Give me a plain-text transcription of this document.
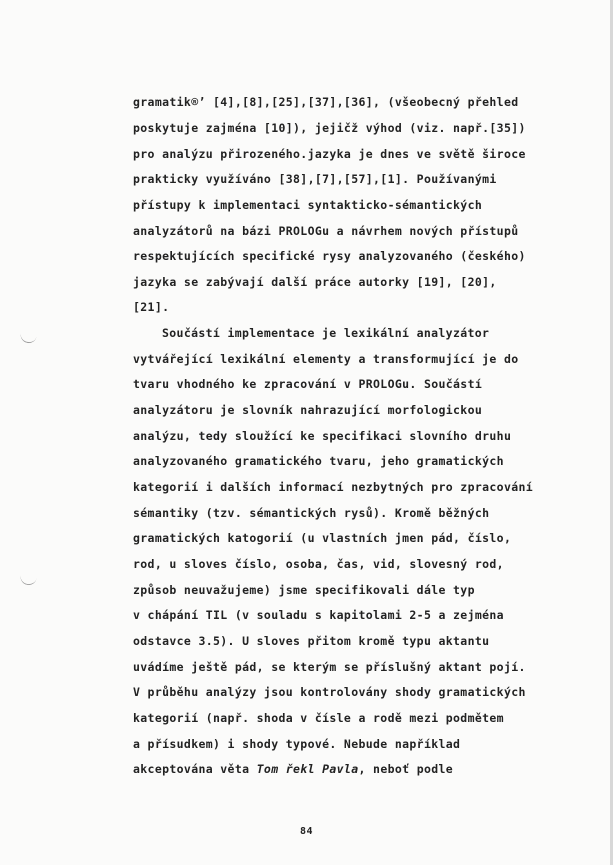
gramatik®’ [4],[8],[25],[37],[36], (všeobecný přehled
poskytuje zajména [10]), jejičž výhod (viz. např.[35])
pro analýzu přirozeného.jazyka je dnes ve světě široce
prakticky využíváno [38],[7],[57],[1]. Používanými
přístupy k implementaci syntakticko-sémantických
analyzátorů na bázi PROLOGu a návrhem nových přístupů
respektujících specifické rysy analyzovaného (českého)
jazyka se zabývají další práce autorky [19], [20],
[21].
Součástí implementace je lexikální analyzátor
vytvářející lexikální elementy a transformující je do
tvaru vhodného ke zpracování v PROLOGu. Součástí
analyzátoru je slovník nahrazující morfologickou
analýzu, tedy sloužící ke specifikaci slovního druhu
analyzovaného gramatického tvaru, jeho gramatických
kategorií i dalších informací nezbytných pro zpracování
sémantiky (tzv. sémantických rysů). Kromě běžných
gramatických katogorií (u vlastních jmen pád, číslo,
rod, u sloves číslo, osoba, čas, vid, slovesný rod,
způsob neuvažujeme) jsme specifikovali dále typ
v chápání TIL (v souladu s kapitolami 2-5 a zejména
odstavce 3.5). U sloves přitom kromě typu aktantu
uvádíme ještě pád, se kterým se příslušný aktant pojí.
V průběhu analýzy jsou kontrolovány shody gramatických
kategorií (např. shoda v čísle a rodě mezi podmětem
a přísudkem) i shody typové. Nebude například
akceptována věta Tom řekl Pavla, neboť podle
84
